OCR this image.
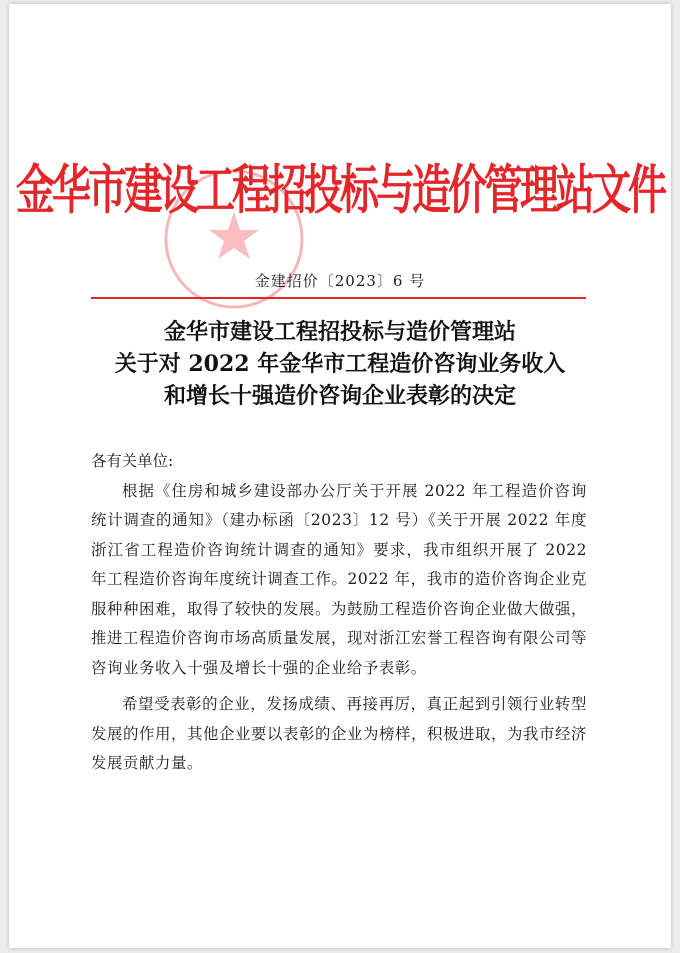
金华市建设工程招投标与造价管理站文件
金建招价〔2023〕6 号
金华市建设工程招投标与造价管理站
关于对 2022 年金华市工程造价咨询业务收入
和增长十强造价咨询企业表彰的决定
各有关单位:
根据《住房和城乡建设部办公厅关于开展 2022 年工程造价咨询统计调查的通知》（建办标函〔2023〕12 号）《关于开展 2022 年度浙江省工程造价咨询统计调查的通知》要求，我市组织开展了 2022 年工程造价咨询年度统计调查工作。2022 年，我市的造价咨询企业克服种种困难，取得了较快的发展。为鼓励工程造价咨询企业做大做强，推进工程造价咨询市场高质量发展，现对浙江宏誉工程咨询有限公司等咨询业务收入十强及增长十强的企业给予表彰。
希望受表彰的企业，发扬成绩、再接再厉，真正起到引领行业转型发展的作用，其他企业要以表彰的企业为榜样，积极进取，为我市经济发展贡献力量。
